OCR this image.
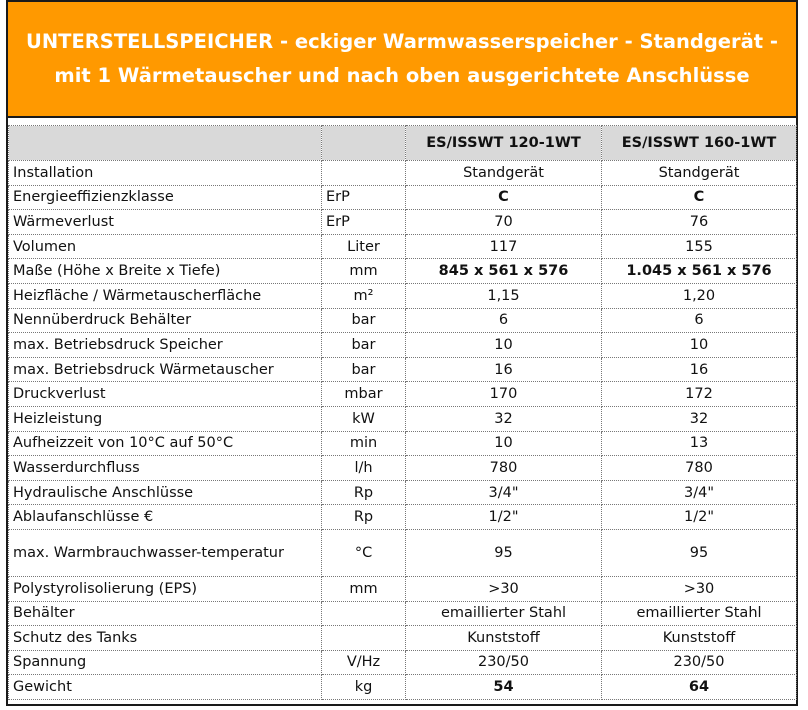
UNTERSTELLSPEICHER - eckiger Warmwasserspeicher - Standgerät -
mit 1 Wärmetauscher und nach oben ausgerichtete Anschlüsse
		ES/ISSWT 120-1WT	ES/ISSWT 160-1WT
Installation		Standgerät	Standgerät
Energieeffizienzklasse	ErP	C	C
Wärmeverlust	ErP	70	76
Volumen	Liter	117	155
Maße (Höhe x Breite x Tiefe)	mm	845 x 561 x 576	1.045 x 561 x 576
Heizfläche / Wärmetauscherfläche	m²	1,15	1,20
Nennüberdruck Behälter	bar	6	6
max. Betriebsdruck Speicher	bar	10	10
max. Betriebsdruck Wärmetauscher	bar	16	16
Druckverlust	mbar	170	172
Heizleistung	kW	32	32
Aufheizzeit von 10°C auf 50°C	min	10	13
Wasserdurchfluss	l/h	780	780
Hydraulische Anschlüsse	Rp	3/4"	3/4"
Ablaufanschlüsse €	Rp	1/2"	1/2"
max. Warmbrauchwasser-temperatur	°C	95	95
Polystyrolisolierung (EPS)	mm	>30	>30
Behälter		emaillierter Stahl	emaillierter Stahl
Schutz des Tanks		Kunststoff	Kunststoff
Spannung	V/Hz	230/50	230/50
Gewicht	kg	54	64
